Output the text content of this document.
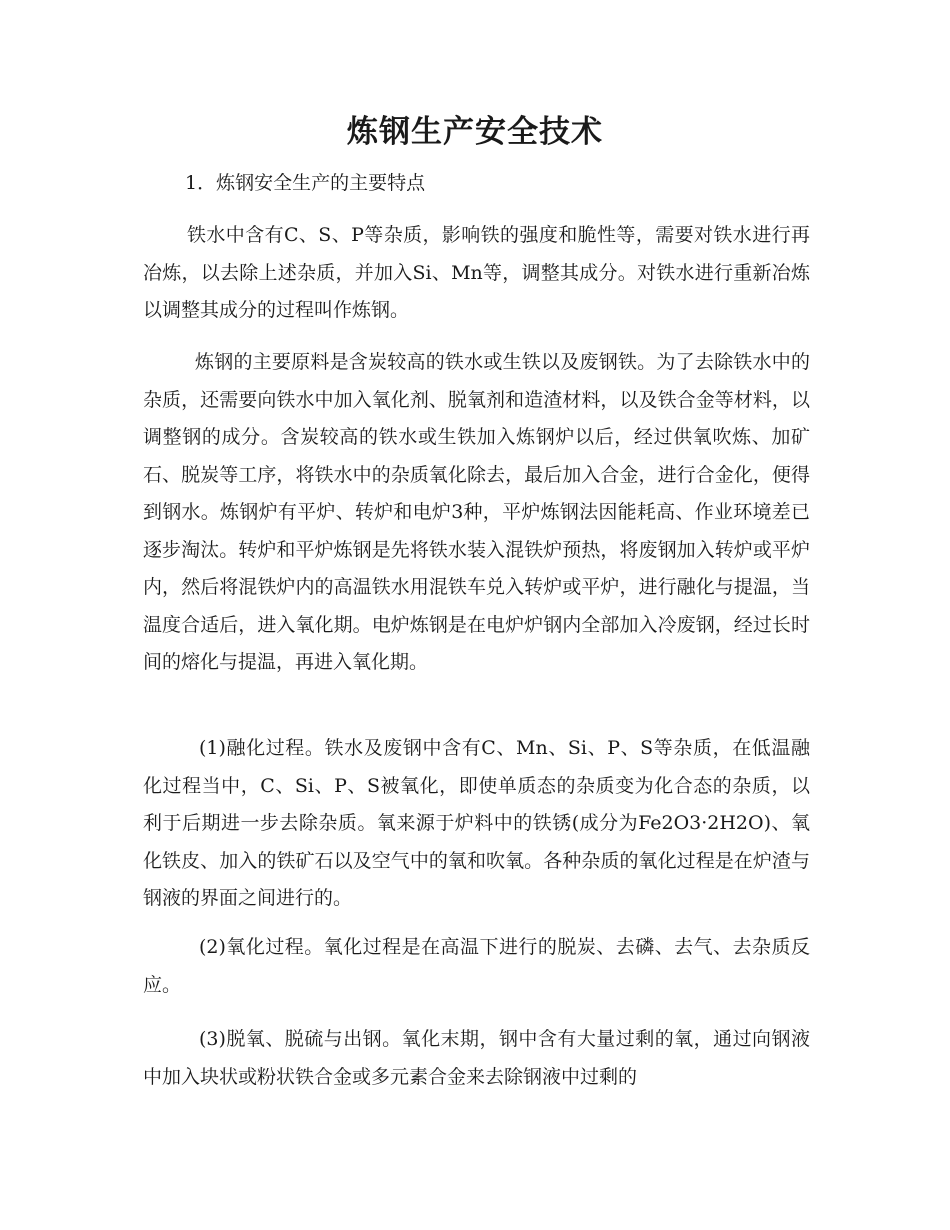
炼钢生产安全技术

1．炼钢安全生产的主要特点

铁水中含有C、S、P等杂质，影响铁的强度和脆性等，需要对铁水进行再冶炼，以去除上述杂质，并加入Si、Mn等，调整其成分。对铁水进行重新冶炼以调整其成分的过程叫作炼钢。

炼钢的主要原料是含炭较高的铁水或生铁以及废钢铁。为了去除铁水中的杂质，还需要向铁水中加入氧化剂、脱氧剂和造渣材料，以及铁合金等材料，以调整钢的成分。含炭较高的铁水或生铁加入炼钢炉以后，经过供氧吹炼、加矿石、脱炭等工序，将铁水中的杂质氧化除去，最后加入合金，进行合金化，便得到钢水。炼钢炉有平炉、转炉和电炉3种，平炉炼钢法因能耗高、作业环境差已逐步淘汰。转炉和平炉炼钢是先将铁水装入混铁炉预热，将废钢加入转炉或平炉内，然后将混铁炉内的高温铁水用混铁车兑入转炉或平炉，进行融化与提温，当温度合适后，进入氧化期。电炉炼钢是在电炉炉钢内全部加入冷废钢，经过长时间的熔化与提温，再进入氧化期。

(1)融化过程。铁水及废钢中含有C、Mn、Si、P、S等杂质，在低温融化过程当中，C、Si、P、S被氧化，即使单质态的杂质变为化合态的杂质，以利于后期进一步去除杂质。氧来源于炉料中的铁锈(成分为Fe2O3·2H2O)、氧化铁皮、加入的铁矿石以及空气中的氧和吹氧。各种杂质的氧化过程是在炉渣与钢液的界面之间进行的。

(2)氧化过程。氧化过程是在高温下进行的脱炭、去磷、去气、去杂质反应。

(3)脱氧、脱硫与出钢。氧化末期，钢中含有大量过剩的氧，通过向钢液中加入块状或粉状铁合金或多元素合金来去除钢液中过剩的
